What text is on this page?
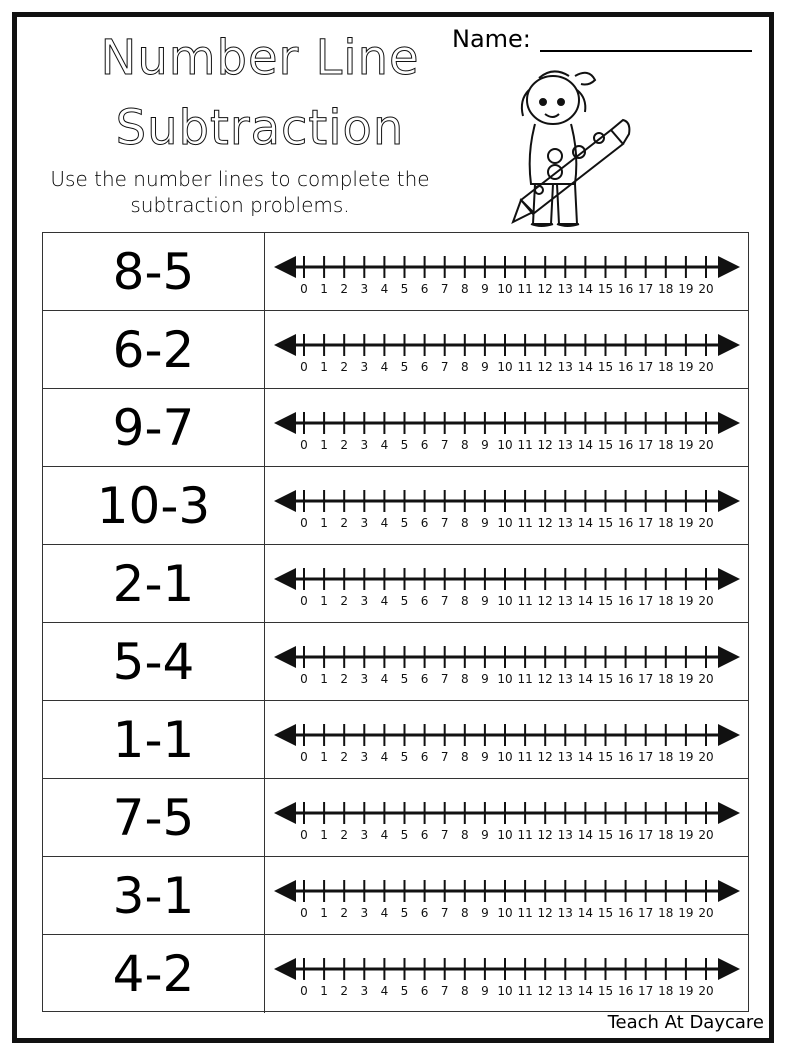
Number Line
Subtraction
Use the number lines to complete the subtraction problems.
Name:
8-5	0 1 2 3 4 5 6 7 8 9 10 11 12 13 14 15 16 17 18 19 20
6-2	0 1 2 3 4 5 6 7 8 9 10 11 12 13 14 15 16 17 18 19 20
9-7	0 1 2 3 4 5 6 7 8 9 10 11 12 13 14 15 16 17 18 19 20
10-3	0 1 2 3 4 5 6 7 8 9 10 11 12 13 14 15 16 17 18 19 20
2-1	0 1 2 3 4 5 6 7 8 9 10 11 12 13 14 15 16 17 18 19 20
5-4	0 1 2 3 4 5 6 7 8 9 10 11 12 13 14 15 16 17 18 19 20
1-1	0 1 2 3 4 5 6 7 8 9 10 11 12 13 14 15 16 17 18 19 20
7-5	0 1 2 3 4 5 6 7 8 9 10 11 12 13 14 15 16 17 18 19 20
3-1	0 1 2 3 4 5 6 7 8 9 10 11 12 13 14 15 16 17 18 19 20
4-2	0 1 2 3 4 5 6 7 8 9 10 11 12 13 14 15 16 17 18 19 20
Teach At Daycare
